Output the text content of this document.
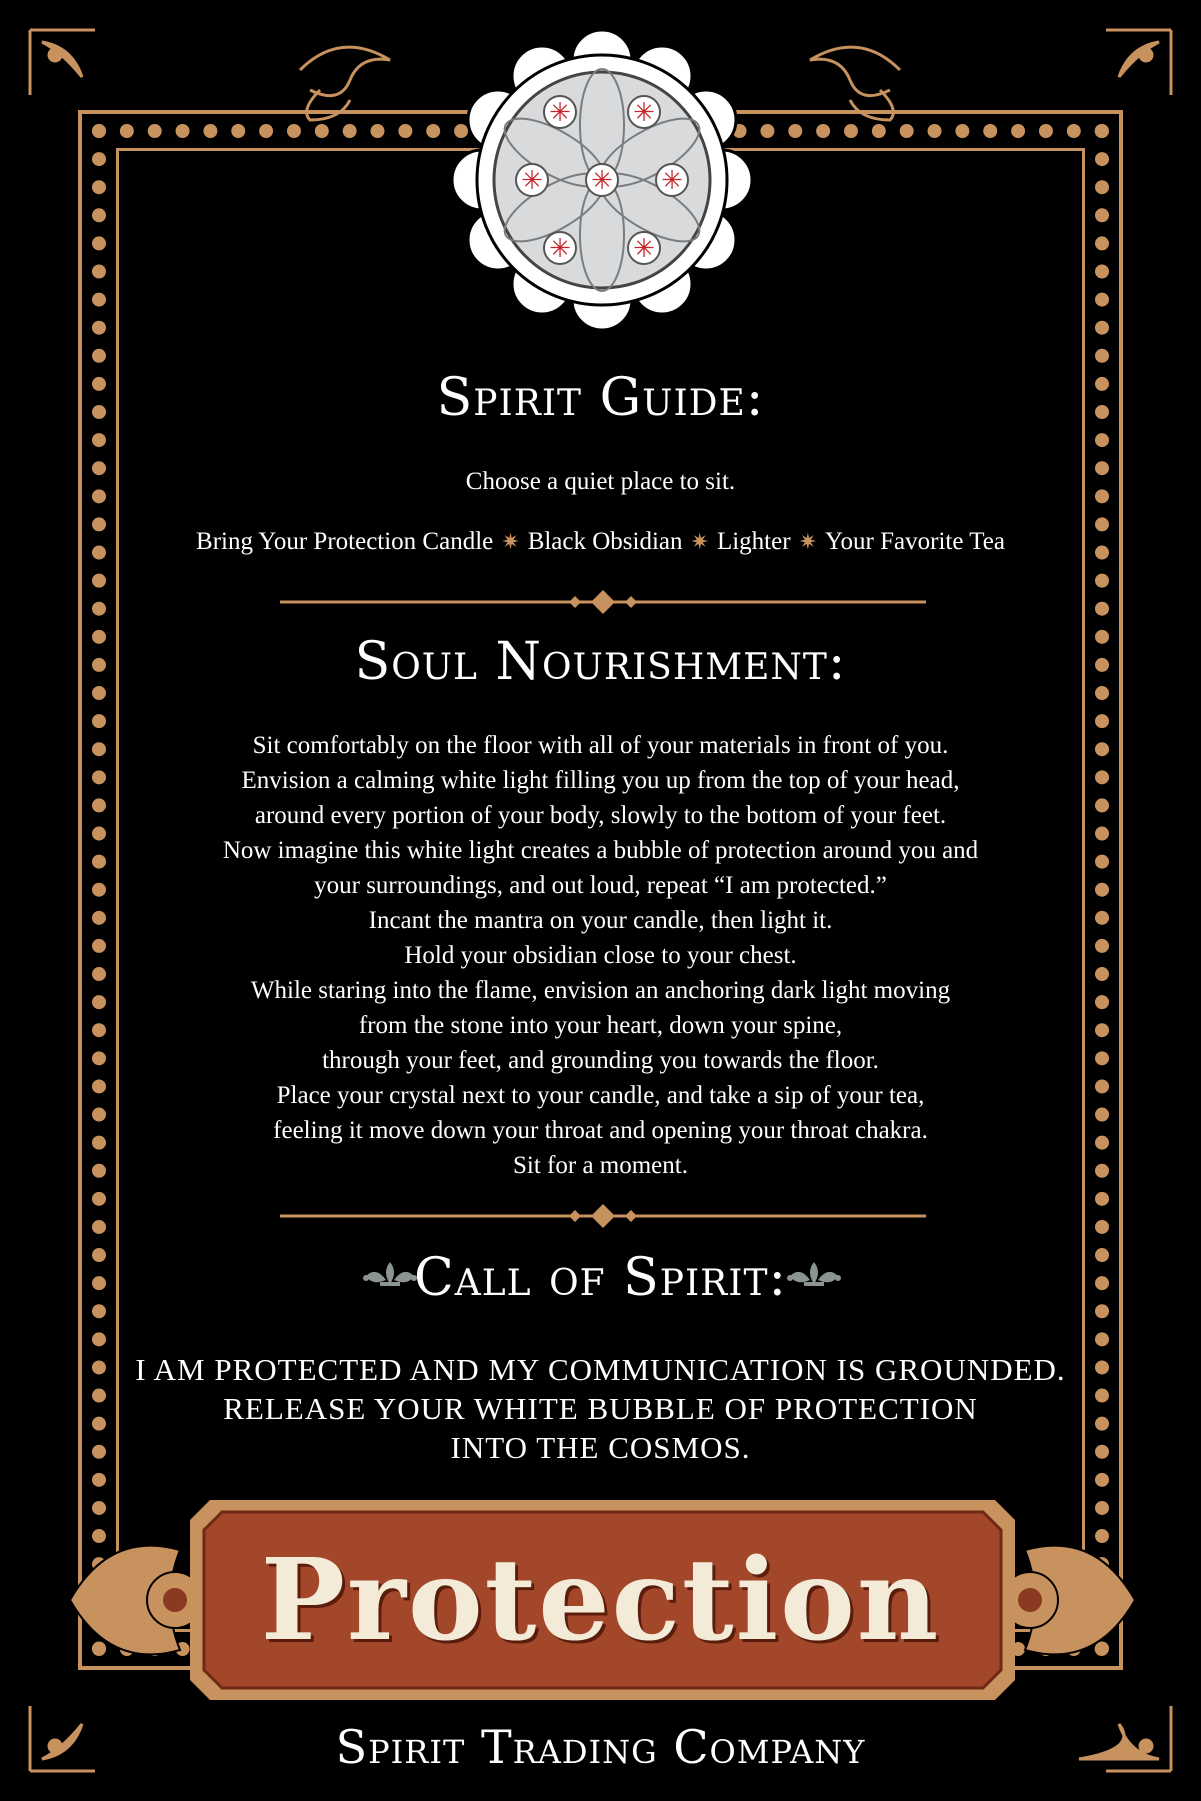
✳
✳ ✳
✳	✳
✳ ✳
Spirit Guide:
Choose a quiet place to sit.
Bring Your Protection Candle ✷ Black Obsidian ✷ Lighter ✷ Your Favorite Tea
Soul Nourishment:
Sit comfortably on the floor with all of your materials in front of you.
Envision a calming white light filling you up from the top of your head,
around every portion of your body, slowly to the bottom of your feet.
Now imagine this white light creates a bubble of protection around you and
your surroundings, and out loud, repeat “I am protected.”
Incant the mantra on your candle, then light it.
Hold your obsidian close to your chest.
While staring into the flame, envision an anchoring dark light moving
from the stone into your heart, down your spine,
through your feet, and grounding you towards the floor.
Place your crystal next to your candle, and take a sip of your tea,
feeling it move down your throat and opening your throat chakra.
Sit for a moment.
Call of Spirit:
I AM PROTECTED AND MY COMMUNICATION IS GROUNDED.
RELEASE YOUR WHITE BUBBLE OF PROTECTION
INTO THE COSMOS.
Protection
Spirit Trading Company
